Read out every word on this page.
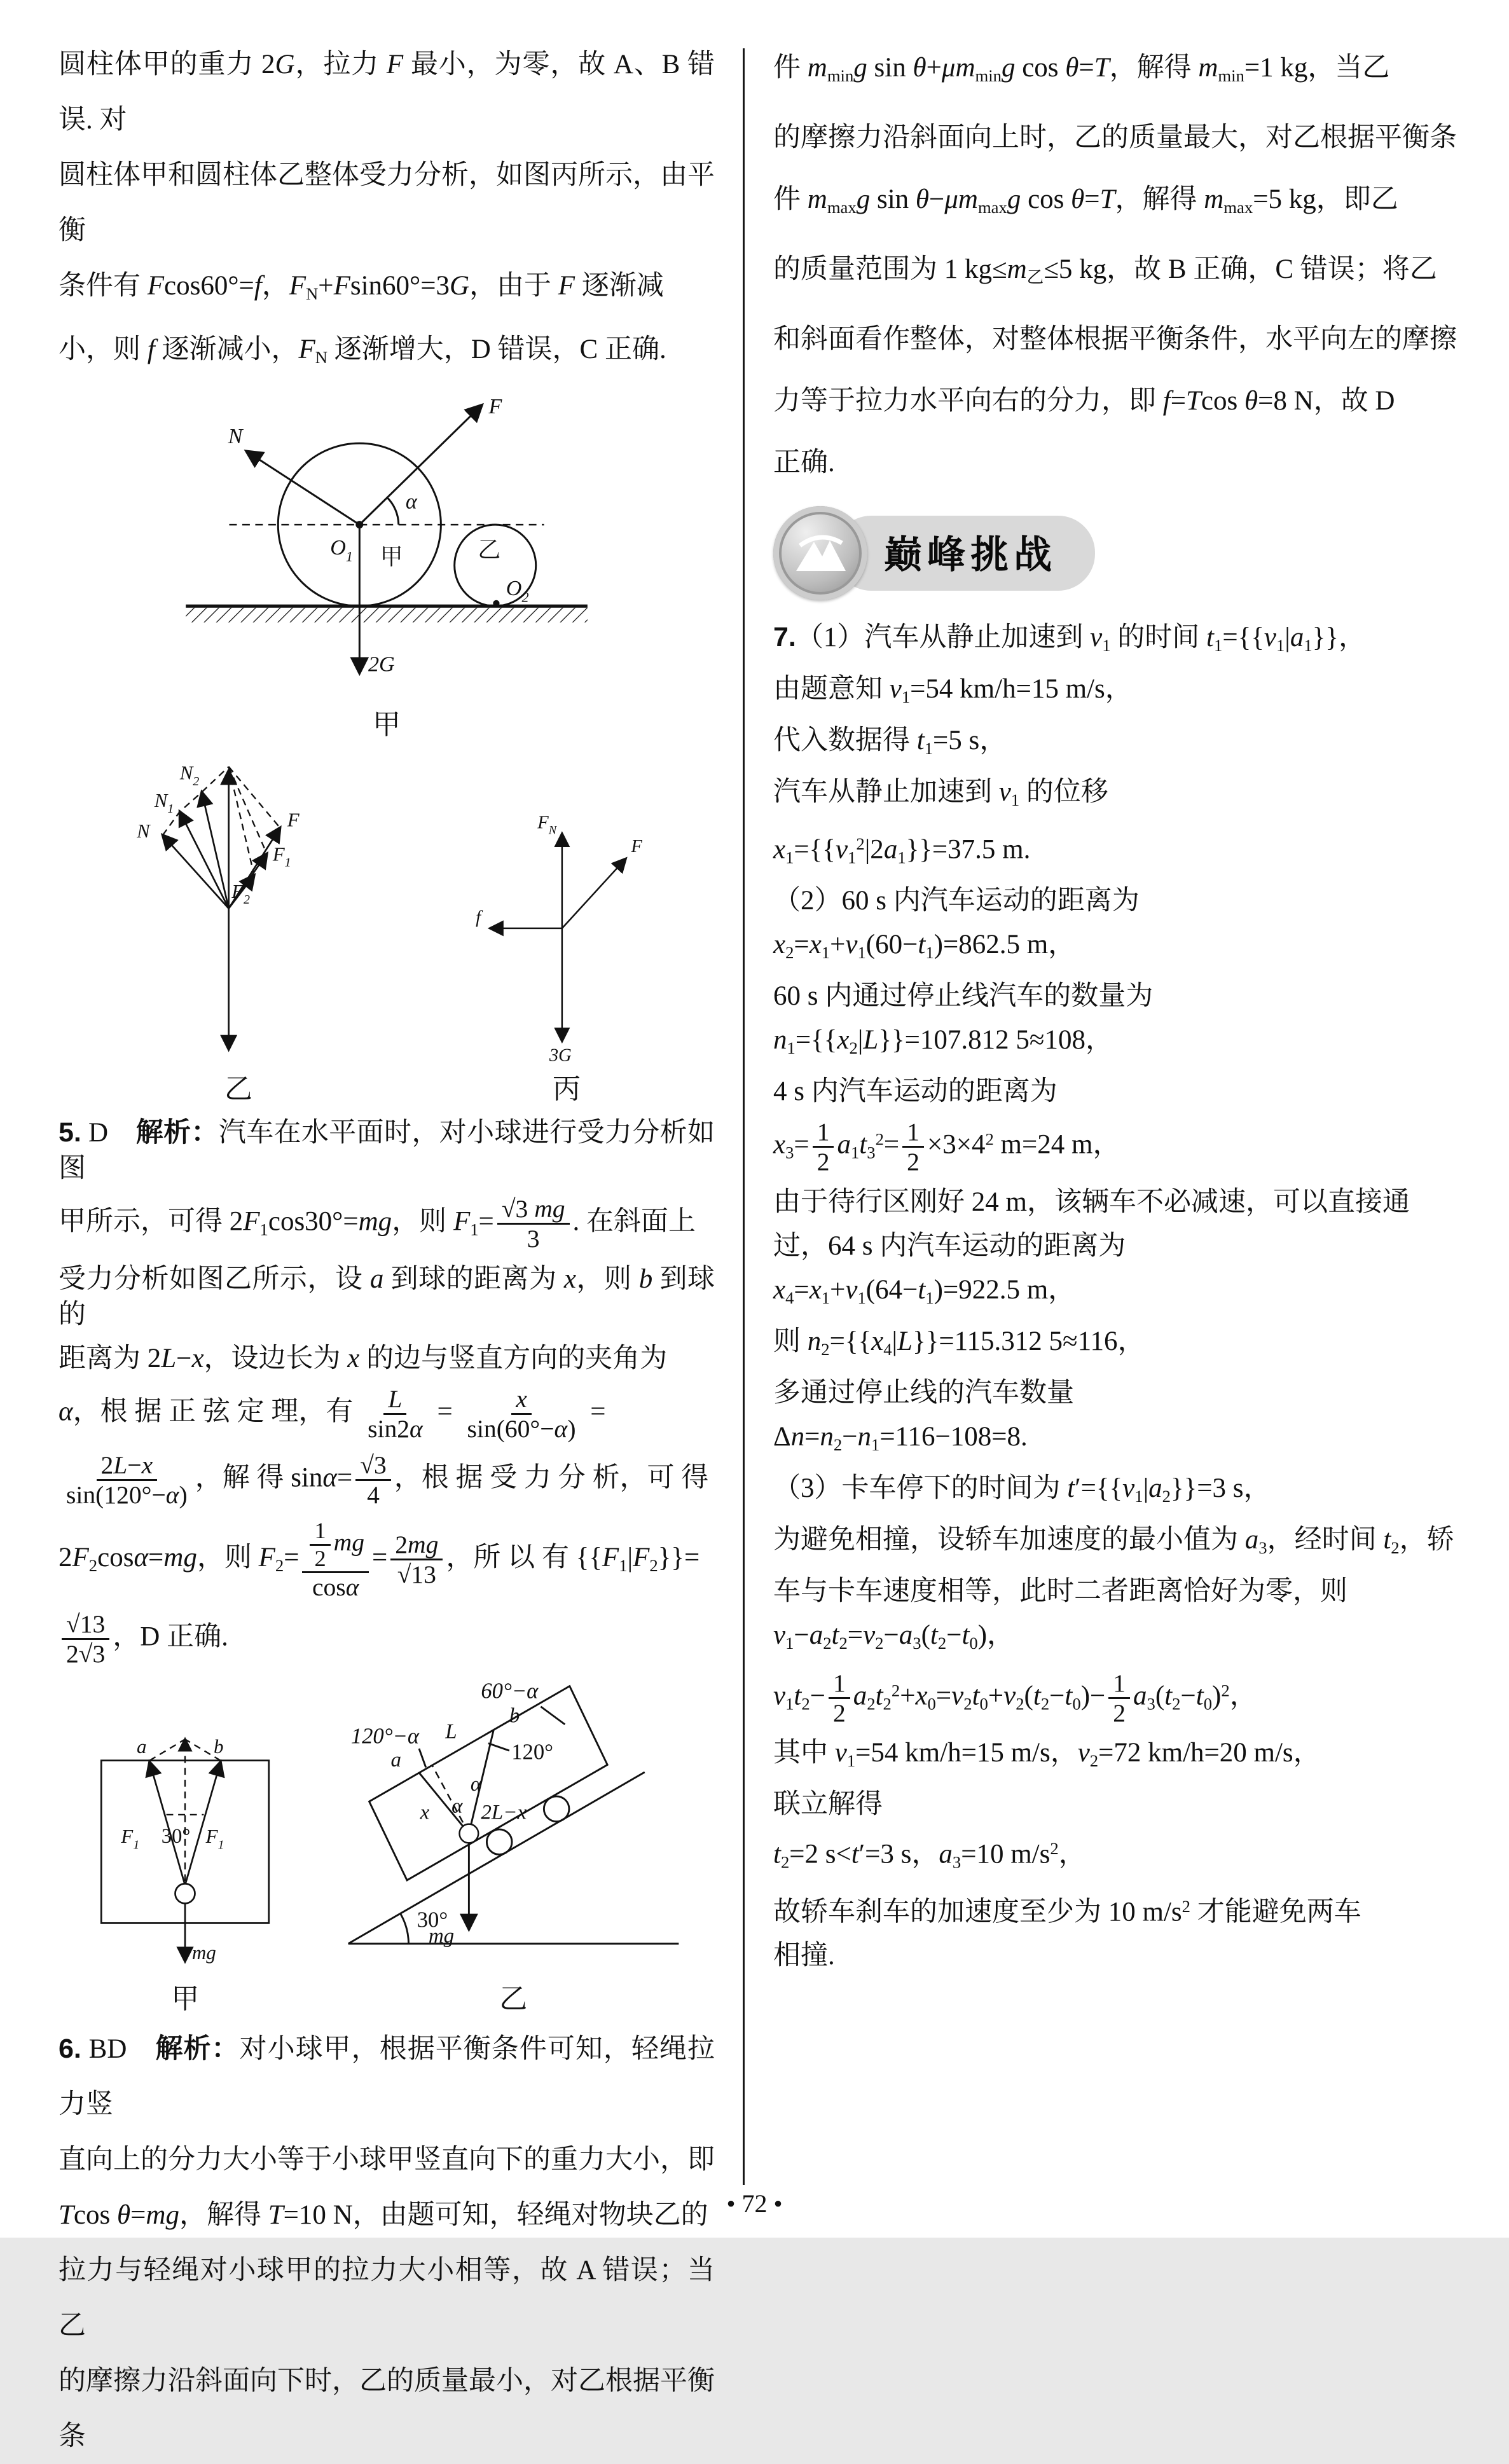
圆柱体甲的重力 2G，拉力 F 最小，为零，故 A、B 错误. 对
圆柱体甲和圆柱体乙整体受力分析，如图丙所示，由平衡
条件有 Fcos60°=f，$F_N+Fsin60^\circ=3G$，由于 F 逐渐减
小，则 f 逐渐减小，$F_N$ 逐渐增大，D 错误，C 正确.
F
N
α
$O_1$ 甲	乙
$O_2$
2G
甲
$N_2$
$N_1$
N
F
$F_1$
$F_2$
乙
$F_N$
F
f
3G
丙
5. D　解析：汽车在水平面时，对小球进行受力分析如图
甲所示，可得 $2F_1\cos 30^\circ=mg$，则 $F_1= \frac{√3 mg}{3}$ . 在斜面上
受力分析如图乙所示，设 a 到球的距离为 x，则 b 到球的
距离为 2L−x，设边长为 x 的边与竖直方向的夹角为
α，根 据 正 弦 定 理，有 $\frac{L}{\sin 2\alpha} = \frac{x}{\sin(60^\circ-\alpha)}$ =
$\frac{2L-x}{\sin(120^\circ-\alpha)}$ ，解 得 $\sin\alpha= \frac{√3}{4}$ ，根 据 受 力 分 析，可 得
$2F_2\cos\alpha=mg$，则 $F_2= \frac{\frac{1}{2} mg}{\cos\alpha} = \frac{2mg}{√13}$ ，所 以 有 $\{\{F_1|F_2\}\}=$
$\frac{√13}{2√3}$ ，D 正确.
a	b
$F_1$ 30° $F_1$
mg
甲
60°−α
120°−α
a
L
b
120°
α
α
x 2L−x
mg
30°
乙
6. BD　解析：对小球甲，根据平衡条件可知，轻绳拉力竖
直向上的分力大小等于小球甲竖直向下的重力大小，即
Tcos θ=mg，解得 T=10 N，由题可知，轻绳对物块乙的
拉力与轻绳对小球甲的拉力大小相等，故 A 错误；当乙
的摩擦力沿斜面向下时，乙的质量最小，对乙根据平衡条
件 $m_{min}g$ $\sin \theta+\mu m_{min}g$ cos θ=T，解得 $m_{min}=1$ kg，当乙
的摩擦力沿斜面向上时，乙的质量最大，对乙根据平衡条
件 $m_{max}g$ $\sin \theta-\mu m_{max}g$ cos θ=T，解得 $m_{max}=5$ kg，即乙
的质量范围为 1 $kg\le m_乙\le 5$ kg，故 B 正确，C 错误；将乙
和斜面看作整体，对整体根据平衡条件，水平向左的摩擦
力等于拉力水平向右的分力，即 f=Tcos θ=8 N，故 D
正确.
巅峰挑战
7.（1）汽车从静止加速到 $v_1$ 的时间 $t_1=\{\{v_1|a_1\}\}$，
由题意知 $v_1=54$ km/h=15 m/s，
代入数据得 $t_1=5$ s，
汽车从静止加速到 $v_1$ 的位移
$x_1=\{\{v_1^2|2a_1\}\}=37.5$ m.
（2）60 s 内汽车运动的距离为
$x_2=x_1+v_1(60-t_1)=862.5$ m，
60 s 内通过停止线汽车的数量为
$n_1=\{\{x_2|L\}\}=107.812$ 5≈108，
4 s 内汽车运动的距离为
$x_3= \frac{1}{2} a_1t_3^2= \frac{1}{2} \times 3\times 4^2$ m=24 m，
由于待行区刚好 24 m，该辆车不必减速，可以直接通
过，64 s 内汽车运动的距离为
$x_4=x_1+v_1(64-t_1)=922.5$ m，
则 $n_2=\{\{x_4|L\}\}=115.312$ 5≈116，
多通过停止线的汽车数量
$\Delta n=n_2-n_1=116-108=8$.
（3）卡车停下的时间为 $t'=\{\{v_1|a_2\}\}=3$ s，
为避免相撞，设轿车加速度的最小值为 $a_3$，经时间 $t_2$，轿
车与卡车速度相等，此时二者距离恰好为零，则
$v_1-a_2t_2=v_2-a_3(t_2-t_0)$，
$v_1t_2- \frac{1}{2} a_2t_2^2+x_0=v_2t_0+v_2(t_2-t_0)- \frac{1}{2} a_3(t_2-t_0)^2$，
其中 $v_1=54$ km/h=15 m/s，$v_2=72$ km/h=20 m/s，
联立解得
$t_2=2$ s<t′=3 s，$a_3=10$ $m/s^2$，
故轿车刹车的加速度至少为 10 $m/s^2$ 才能避免两车
相撞.
• 72 •
